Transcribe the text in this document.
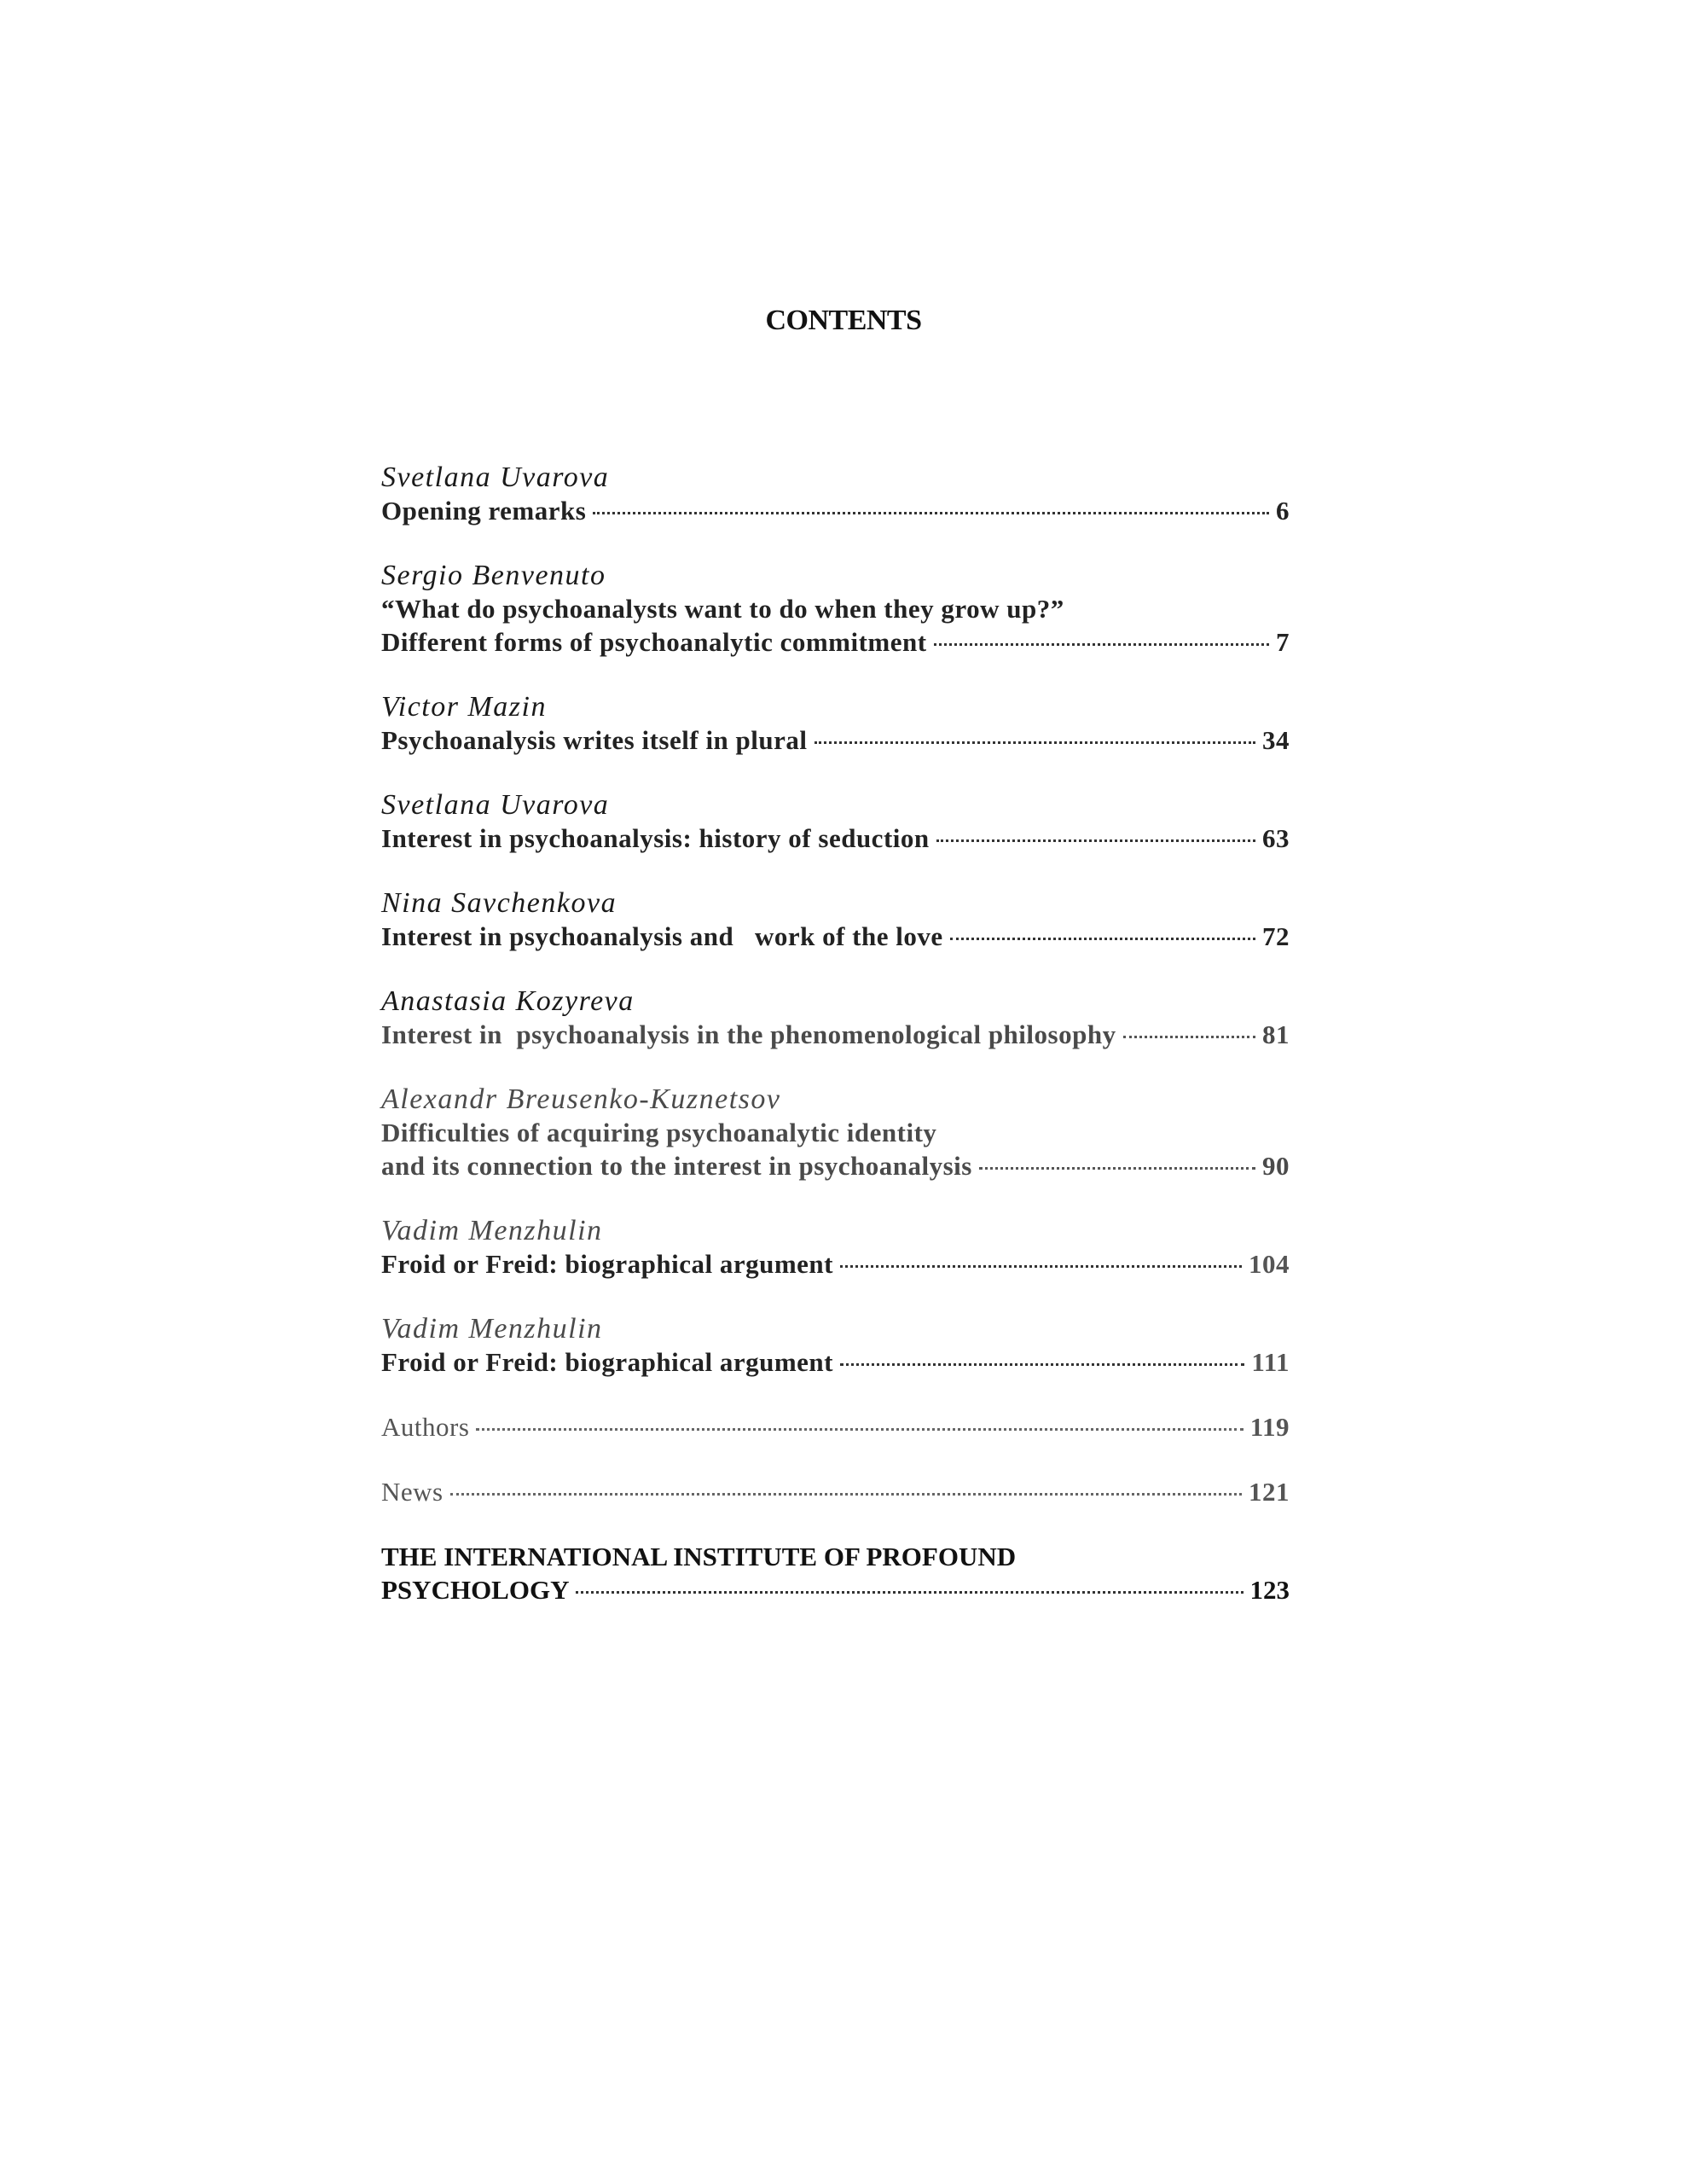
CONTENTS
Svetlana Uvarova
Opening remarks	6
Sergio Benvenuto
“What do psychoanalysts want to do when they grow up?”
Different forms of psychoanalytic commitment	7
Victor Mazin
Psychoanalysis writes itself in plural	34
Svetlana Uvarova
Interest in psychoanalysis: history of seduction	63
Nina Savchenkova
Interest in psychoanalysis and   work of the love	72
Anastasia Kozyreva
Interest in  psychoanalysis in the phenomenological philosophy	81
Alexandr Breusenko-Kuznetsov
Difficulties of acquiring psychoanalytic identity
and its connection to the interest in psychoanalysis	90
Vadim Menzhulin
Froid or Freid: biographical argument	104
Vadim Menzhulin
Froid or Freid: biographical argument	111
Authors	119
News	121
THE INTERNATIONAL INSTITUTE OF PROFOUND
PSYCHOLOGY	123
